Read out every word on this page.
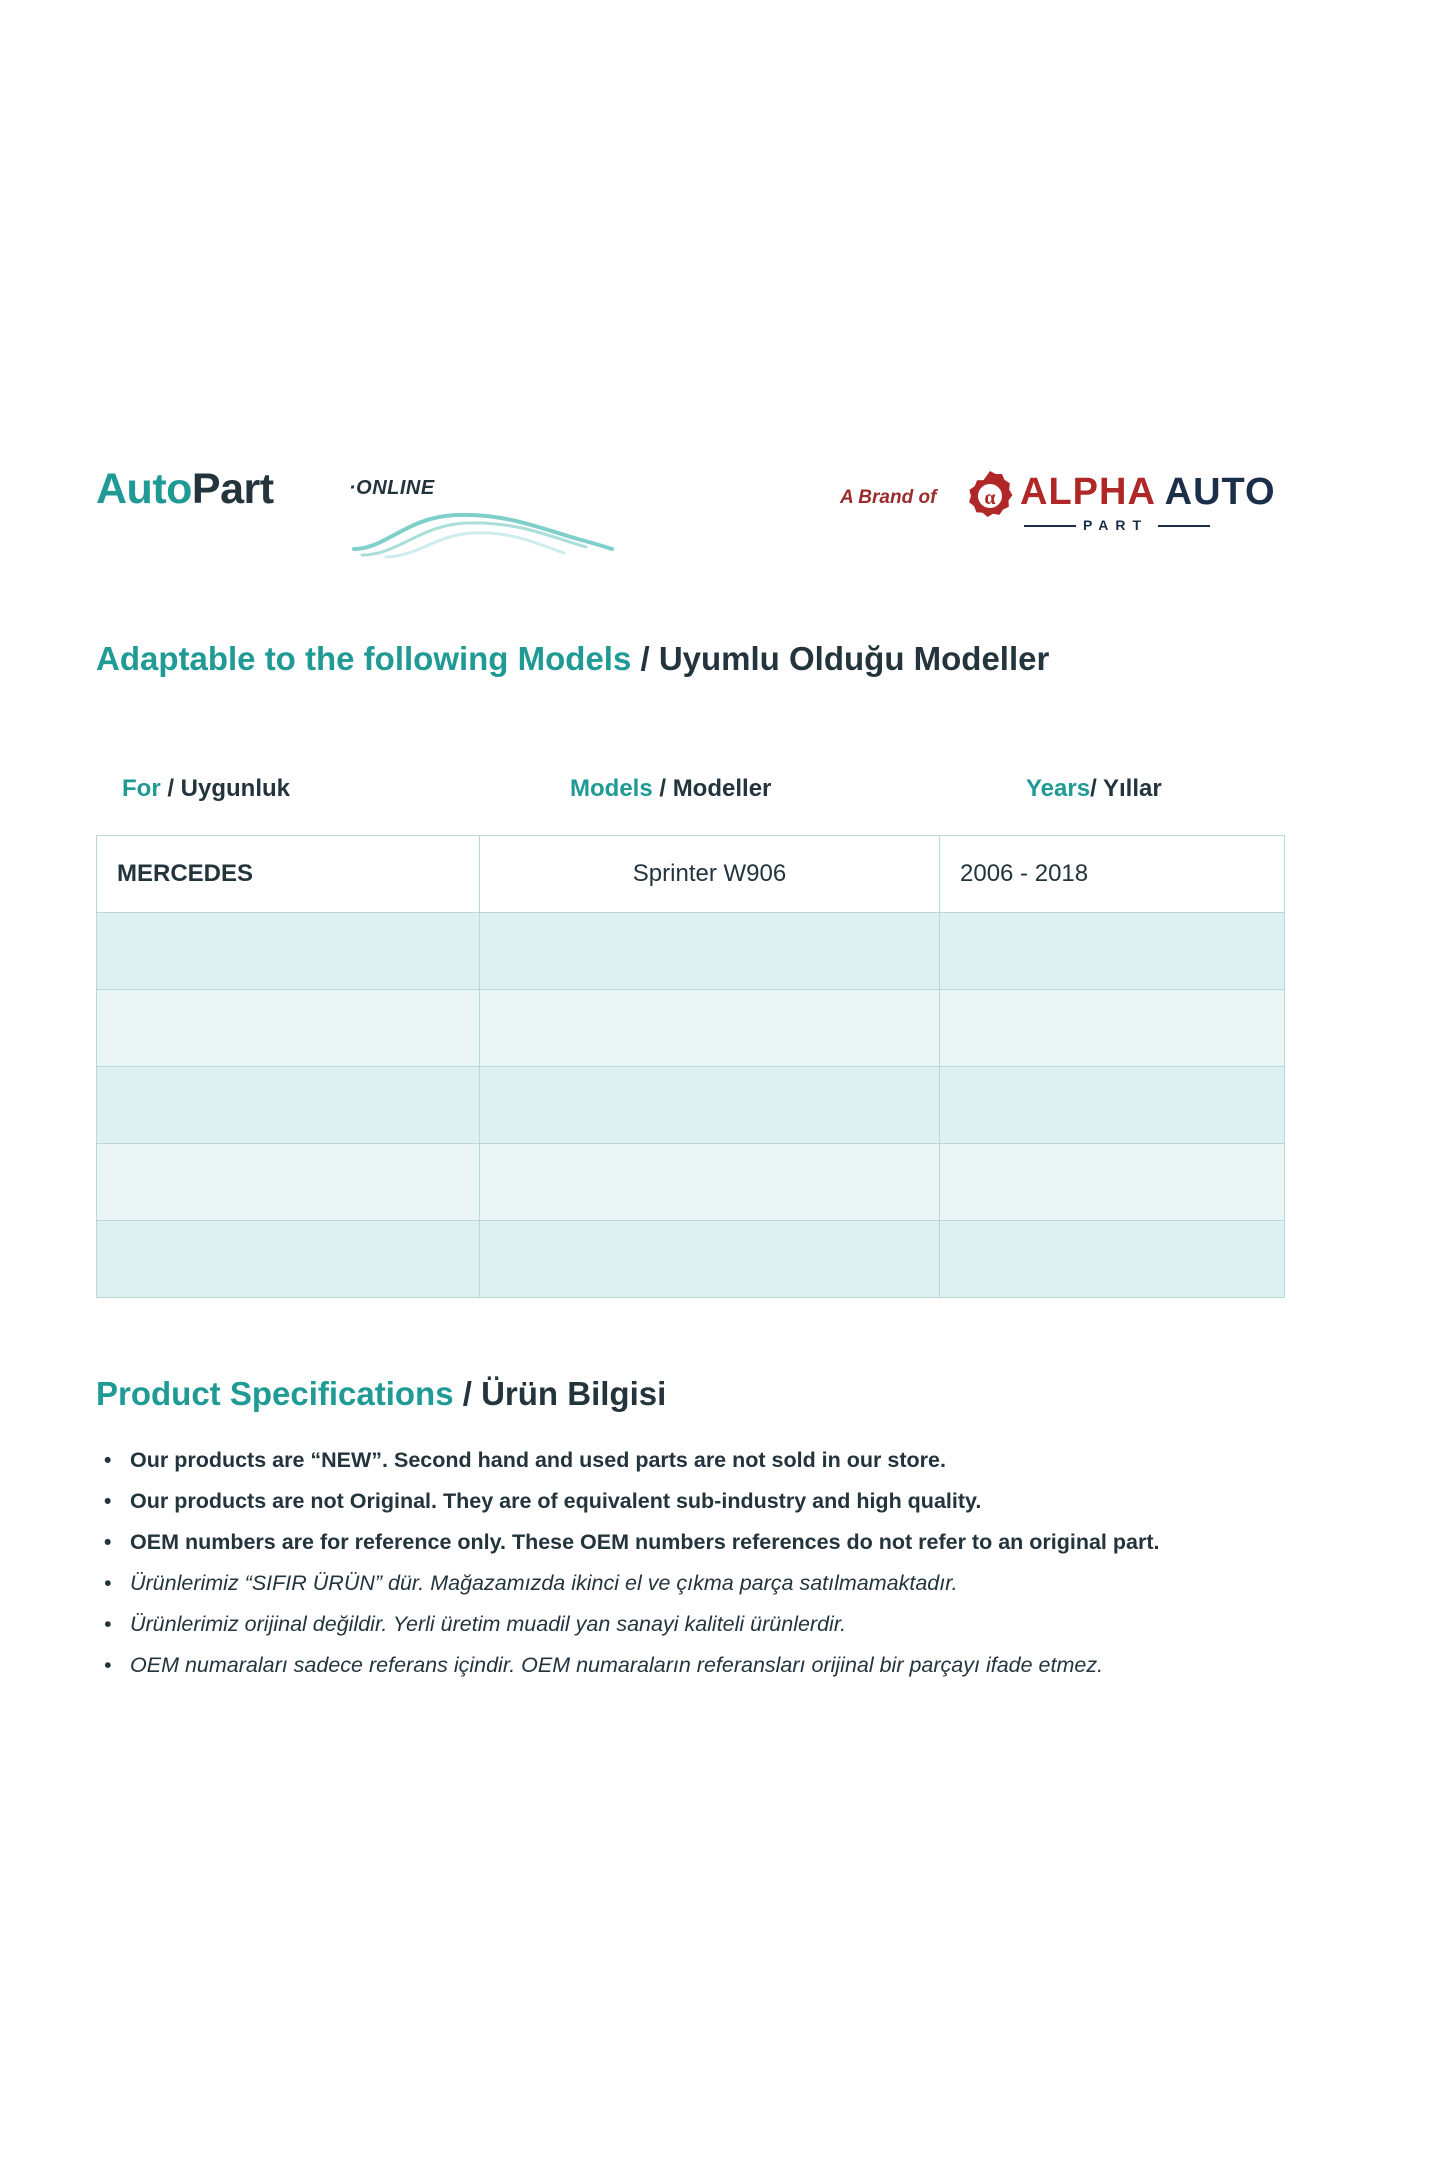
AutoPart	·ONLINE	A Brand of α ALPHA AUTO
PART
Adaptable to the following Models / Uyumlu Olduğu Modeller
For / Uygunluk	Models / Modeller	Years/ Yıllar
MERCEDES	Sprinter W906	2006 - 2018

Product Specifications / Ürün Bilgisi
• Our products are “NEW”. Second hand and used parts are not sold in our store.
• Our products are not Original. They are of equivalent sub-industry and high quality.
• OEM numbers are for reference only. These OEM numbers references do not refer to an original part.
• Ürünlerimiz “SIFIR ÜRÜN” dür. Mağazamızda ikinci el ve çıkma parça satılmamaktadır.
• Ürünlerimiz orijinal değildir. Yerli üretim muadil yan sanayi kaliteli ürünlerdir.
• OEM numaraları sadece referans içindir. OEM numaraların referansları orijinal bir parçayı ifade etmez.
